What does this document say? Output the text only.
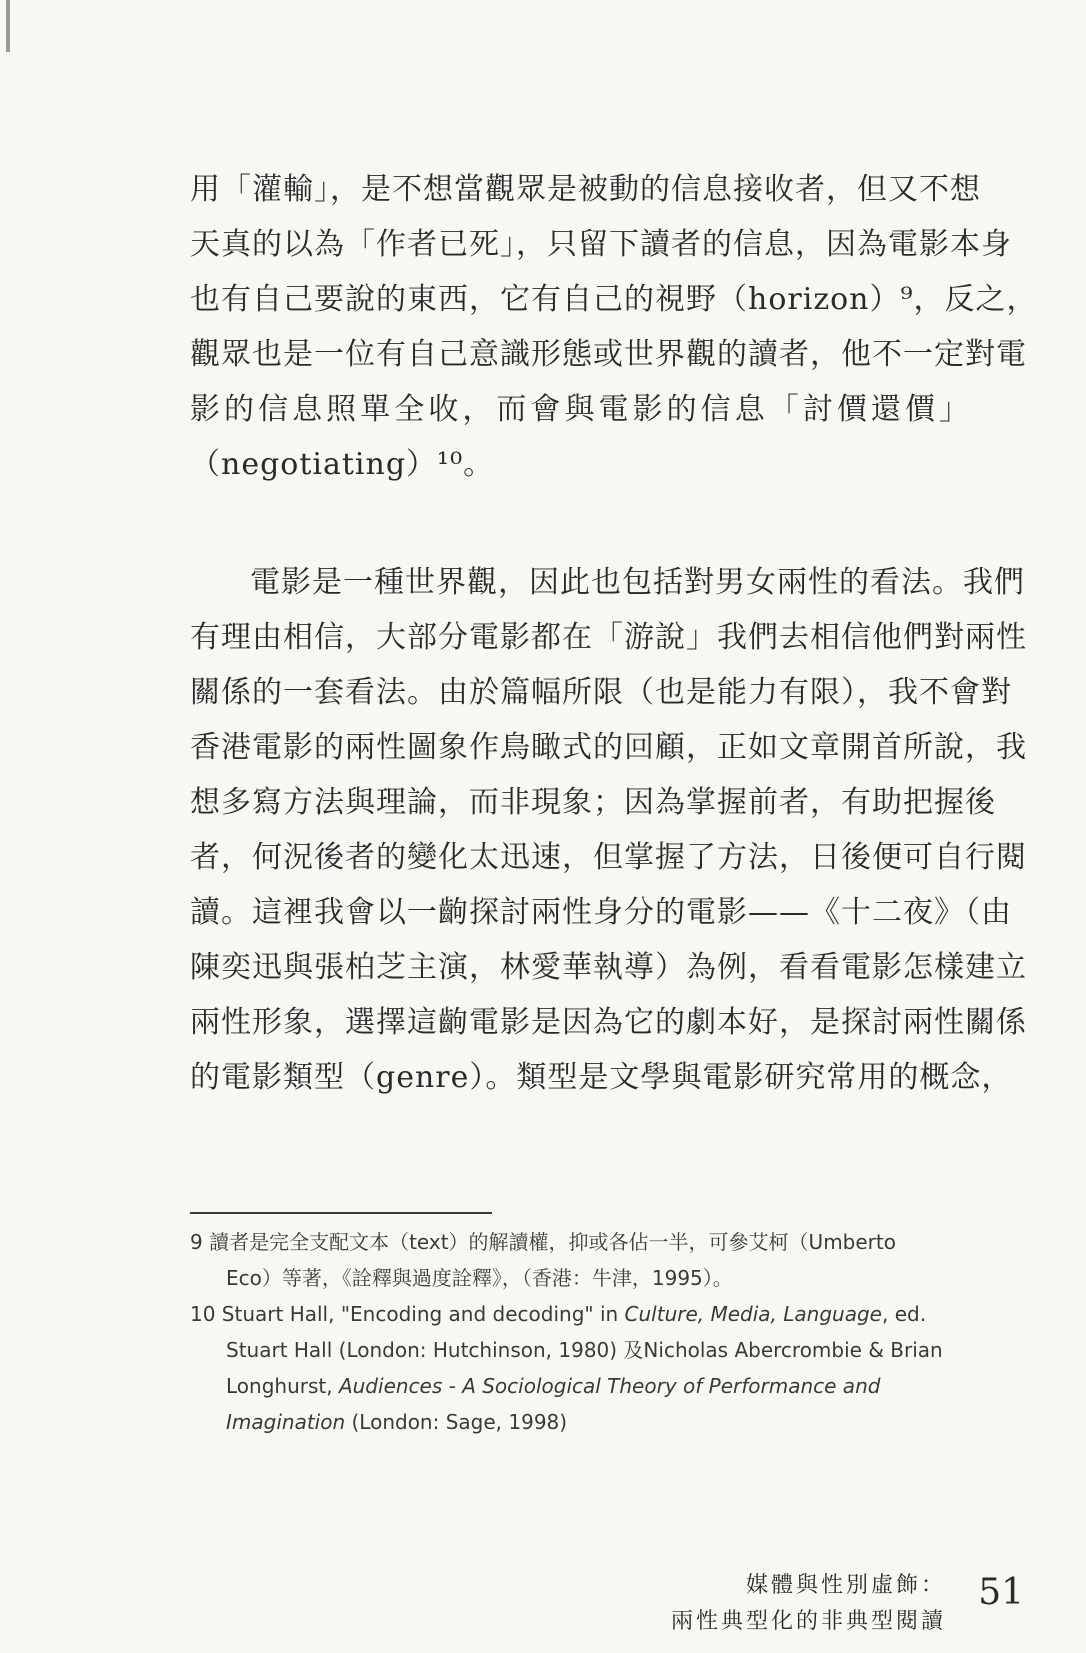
用「灌輸」，是不想當觀眾是被動的信息接收者，但又不想
天真的以為「作者已死」，只留下讀者的信息，因為電影本身
也有自己要說的東西，它有自己的視野（horizon）⁹，反之，
觀眾也是一位有自己意識形態或世界觀的讀者，他不一定對電
影的信息照單全收，而會與電影的信息「討價還價」
（negotiating）¹⁰。
電影是一種世界觀，因此也包括對男女兩性的看法。我們
有理由相信，大部分電影都在「游說」我們去相信他們對兩性
關係的一套看法。由於篇幅所限（也是能力有限），我不會對
香港電影的兩性圖象作鳥瞰式的回顧，正如文章開首所說，我
想多寫方法與理論，而非現象；因為掌握前者，有助把握後
者，何況後者的變化太迅速，但掌握了方法，日後便可自行閱
讀。這裡我會以一齣探討兩性身分的電影——《十二夜》（由
陳奕迅與張柏芝主演，林愛華執導）為例，看看電影怎樣建立
兩性形象，選擇這齣電影是因為它的劇本好，是探討兩性關係
的電影類型（genre）。類型是文學與電影研究常用的概念，
9 讀者是完全支配文本（text）的解讀權，抑或各佔一半，可參艾柯（Umberto
Eco）等著，《詮釋與過度詮釋》，（香港：牛津，1995）。
10 Stuart Hall, "Encoding and decoding" in Culture, Media, Language, ed.
Stuart Hall (London: Hutchinson, 1980) 及Nicholas Abercrombie & Brian
Longhurst, Audiences - A Sociological Theory of Performance and
Imagination (London: Sage, 1998)
媒體與性別虛飾：
兩性典型化的非典型閱讀
51
